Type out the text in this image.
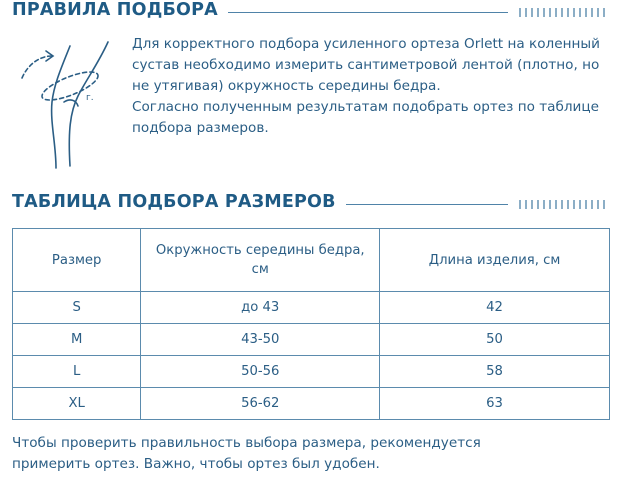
ПРАВИЛА ПОДБОРА
г.

Для корректного подбора усиленного ортеза Orlett на коленный сустав необходимо измерить сантиметровой лентой (плотно, но не утягивая) окружность середины бедра.

Согласно полученным результатам подобрать ортез по таблице подбора размеров.

ТАБЛИЦА ПОДБОРА РАЗМЕРОВ
Размер	Окружность середины бедра, см	Длина изделия, см
S	до 43	42
M	43-50	50
L	50-56	58
XL	56-62	63
Чтобы проверить правильность выбора размера, рекомендуется
примерить ортез. Важно, чтобы ортез был удобен.
